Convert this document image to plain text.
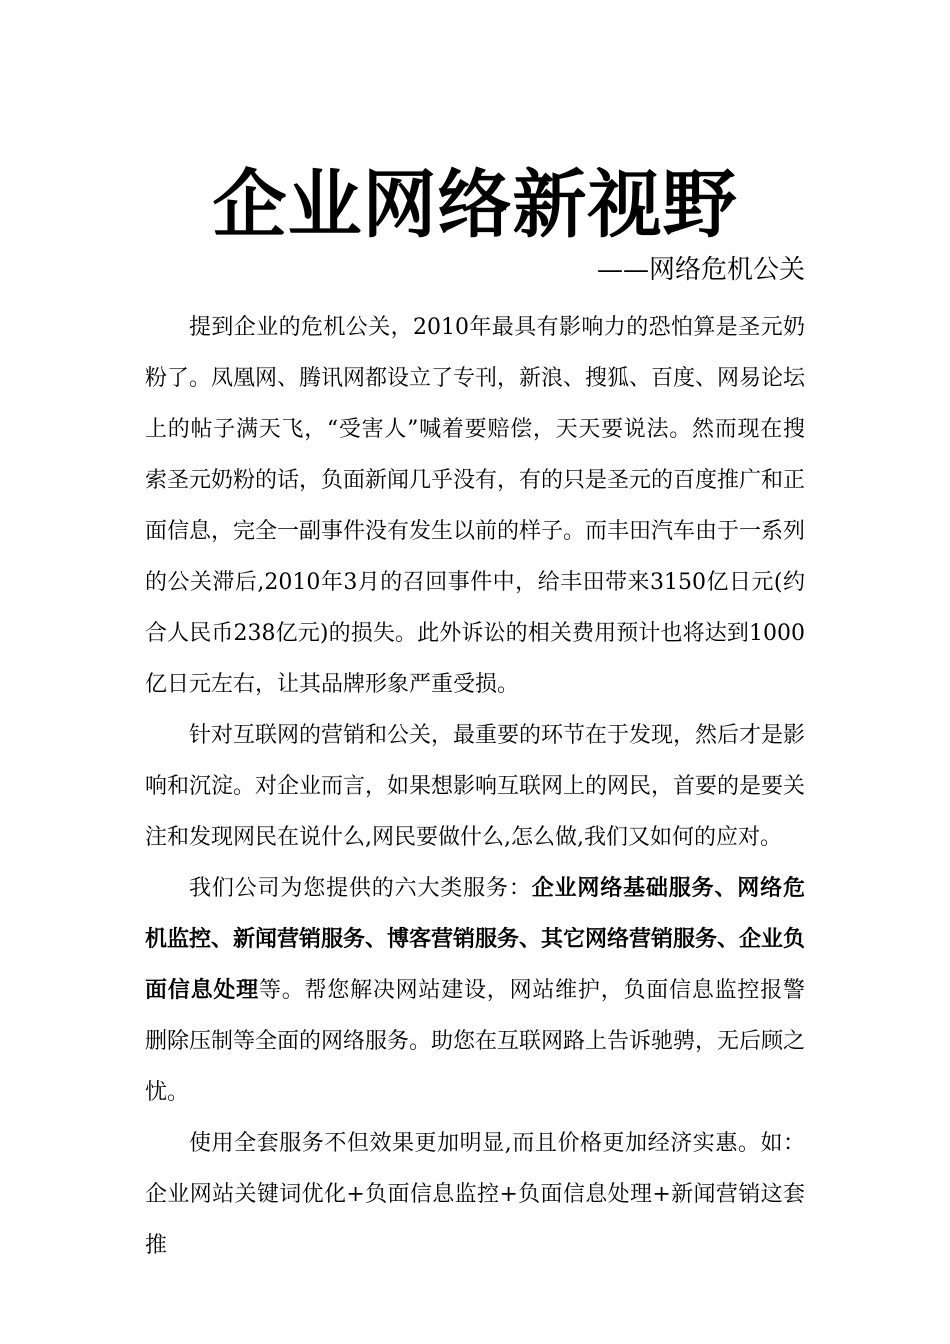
企业网络新视野
——网络危机公关

提到企业的危机公关，2010年最具有影响力的恐怕算是圣元奶粉了。凤凰网、腾讯网都设立了专刊，新浪、搜狐、百度、网易论坛上的帖子满天飞，“受害人”喊着要赔偿，天天要说法。然而现在搜索圣元奶粉的话，负面新闻几乎没有，有的只是圣元的百度推广和正面信息，完全一副事件没有发生以前的样子。而丰田汽车由于一系列的公关滞后,2010年3月的召回事件中，给丰田带来3150亿日元(约合人民币238亿元)的损失。此外诉讼的相关费用预计也将达到1000亿日元左右，让其品牌形象严重受损。

针对互联网的营销和公关，最重要的环节在于发现，然后才是影响和沉淀。对企业而言，如果想影响互联网上的网民，首要的是要关注和发现网民在说什么,网民要做什么,怎么做,我们又如何的应对。

我们公司为您提供的六大类服务：企业网络基础服务、网络危机监控、新闻营销服务、博客营销服务、其它网络营销服务、企业负面信息处理等。帮您解决网站建设，网站维护，负面信息监控报警删除压制等全面的网络服务。助您在互联网路上告诉驰骋，无后顾之忧。

使用全套服务不但效果更加明显,而且价格更加经济实惠。如：企业网站关键词优化+负面信息监控+负面信息处理+新闻营销这套推
